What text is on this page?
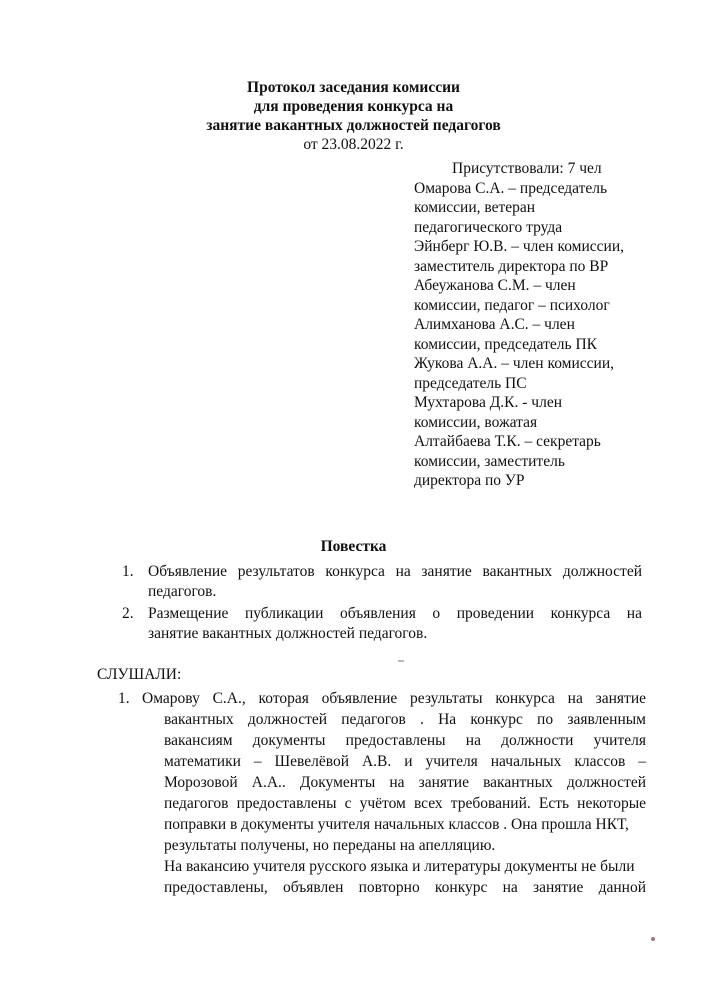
Протокол заседания комиссии
для проведения конкурса на
занятие вакантных должностей педагогов
от 23.08.2022 г.
Присутствовали: 7 чел
Омарова С.А. – председатель
комиссии, ветеран
педагогического труда
Эйнберг Ю.В. – член комиссии,
заместитель директора по ВР
Абеужанова С.М. – член
комиссии, педагог – психолог
Алимханова А.С. – член
комиссии, председатель ПК
Жукова А.А. – член комиссии,
председатель ПС
Мухтарова Д.К. - член
комиссии, вожатая
Алтайбаева Т.К. – секретарь
комиссии, заместитель
директора по УР
Повестка
1. Объявление результатов конкурса на занятие вакантных должностей
педагогов.
2. Размещение публикации объявления о проведении конкурса на
занятие вакантных должностей педагогов.
СЛУШАЛИ:
1. Омарову С.А., которая объявление результаты конкурса на занятие
вакантных должностей педагогов . На конкурс по заявленным
вакансиям документы предоставлены на должности учителя
математики – Шевелёвой А.В. и учителя начальных классов –
Морозовой А.А.. Документы на занятие вакантных должностей
педагогов предоставлены с учётом всех требований. Есть некоторые
поправки в документы учителя начальных классов . Она прошла НКТ,
результаты получены, но переданы на апелляцию.
На вакансию учителя русского языка и литературы документы не были
предоставлены, объявлен повторно конкурс на занятие данной
